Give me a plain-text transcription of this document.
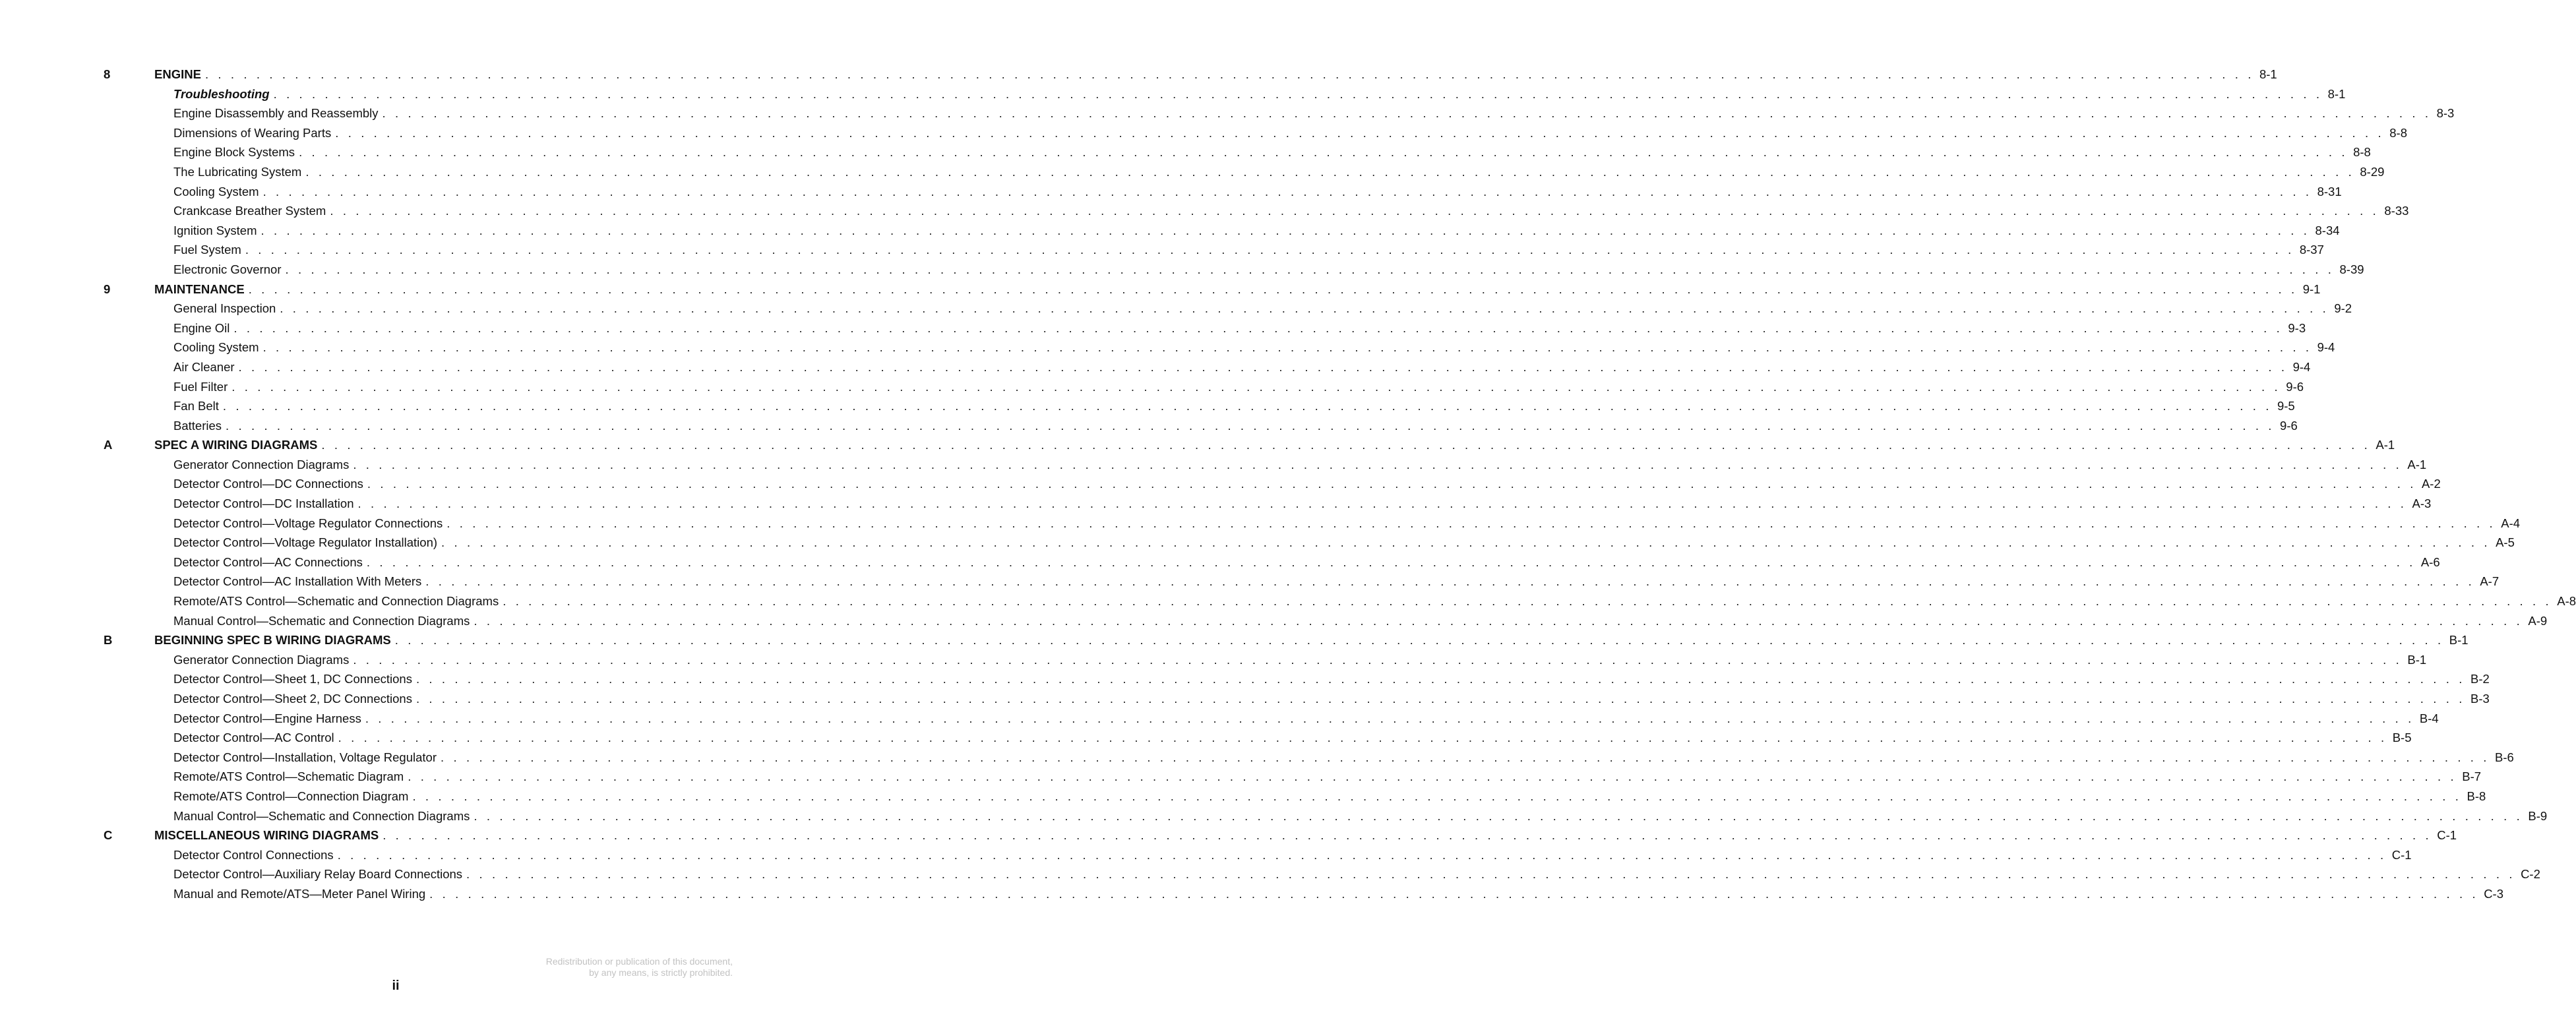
8	ENGINE . . . . . . . . . . . . . . . . . . . . . . . . . . . . . . . . . . . . . . . . . . . . . . . . . . . . . . . . . . . . . . . . . . . . . . . . . . . . . . . . . . . . . . . . . . . . . . . . . . . . . . . . . . . . . . . . . . . . . . . . . . . . . . . . . . . . . . . . . . . . . . . . . . . . . . . . . . . . . . . . 8-1
Troubleshooting . . . . . . . . . . . . . . . . . . . . . . . . . . . . . . . . . . . . . . . . . . . . . . . . . . . . . . . . . . . . . . . . . . . . . . . . . . . . . . . . . . . . . . . . . . . . . . . . . . . . . . . . . . . . . . . . . . . . . . . . . . . . . . . . . . . . . . . . . . . . . . . . . . . . . . . . . . . . . . . . 8-1
Engine Disassembly and Reassembly . . . . . . . . . . . . . . . . . . . . . . . . . . . . . . . . . . . . . . . . . . . . . . . . . . . . . . . . . . . . . . . . . . . . . . . . . . . . . . . . . . . . . . . . . . . . . . . . . . . . . . . . . . . . . . . . . . . . . . . . . . . . . . . . . . . . . . . . . . . . . . . . . . . . . . . . . . . . . . . . 8-3
Dimensions of Wearing Parts . . . . . . . . . . . . . . . . . . . . . . . . . . . . . . . . . . . . . . . . . . . . . . . . . . . . . . . . . . . . . . . . . . . . . . . . . . . . . . . . . . . . . . . . . . . . . . . . . . . . . . . . . . . . . . . . . . . . . . . . . . . . . . . . . . . . . . . . . . . . . . . . . . . . . . . . . . . . . . . . 8-8
Engine Block Systems . . . . . . . . . . . . . . . . . . . . . . . . . . . . . . . . . . . . . . . . . . . . . . . . . . . . . . . . . . . . . . . . . . . . . . . . . . . . . . . . . . . . . . . . . . . . . . . . . . . . . . . . . . . . . . . . . . . . . . . . . . . . . . . . . . . . . . . . . . . . . . . . . . . . . . . . . . . . . . . . 8-8
The Lubricating System . . . . . . . . . . . . . . . . . . . . . . . . . . . . . . . . . . . . . . . . . . . . . . . . . . . . . . . . . . . . . . . . . . . . . . . . . . . . . . . . . . . . . . . . . . . . . . . . . . . . . . . . . . . . . . . . . . . . . . . . . . . . . . . . . . . . . . . . . . . . . . . . . . . . . . . . . . . . . . . . 8-29
Cooling System . . . . . . . . . . . . . . . . . . . . . . . . . . . . . . . . . . . . . . . . . . . . . . . . . . . . . . . . . . . . . . . . . . . . . . . . . . . . . . . . . . . . . . . . . . . . . . . . . . . . . . . . . . . . . . . . . . . . . . . . . . . . . . . . . . . . . . . . . . . . . . . . . . . . . . . . . . . . . . . . 8-31
Crankcase Breather System . . . . . . . . . . . . . . . . . . . . . . . . . . . . . . . . . . . . . . . . . . . . . . . . . . . . . . . . . . . . . . . . . . . . . . . . . . . . . . . . . . . . . . . . . . . . . . . . . . . . . . . . . . . . . . . . . . . . . . . . . . . . . . . . . . . . . . . . . . . . . . . . . . . . . . . . . . . . . . . . 8-33
Ignition System . . . . . . . . . . . . . . . . . . . . . . . . . . . . . . . . . . . . . . . . . . . . . . . . . . . . . . . . . . . . . . . . . . . . . . . . . . . . . . . . . . . . . . . . . . . . . . . . . . . . . . . . . . . . . . . . . . . . . . . . . . . . . . . . . . . . . . . . . . . . . . . . . . . . . . . . . . . . . . . . 8-34
Fuel System . . . . . . . . . . . . . . . . . . . . . . . . . . . . . . . . . . . . . . . . . . . . . . . . . . . . . . . . . . . . . . . . . . . . . . . . . . . . . . . . . . . . . . . . . . . . . . . . . . . . . . . . . . . . . . . . . . . . . . . . . . . . . . . . . . . . . . . . . . . . . . . . . . . . . . . . . . . . . . . . 8-37
Electronic Governor . . . . . . . . . . . . . . . . . . . . . . . . . . . . . . . . . . . . . . . . . . . . . . . . . . . . . . . . . . . . . . . . . . . . . . . . . . . . . . . . . . . . . . . . . . . . . . . . . . . . . . . . . . . . . . . . . . . . . . . . . . . . . . . . . . . . . . . . . . . . . . . . . . . . . . . . . . . . . . . . 8-39
9	MAINTENANCE . . . . . . . . . . . . . . . . . . . . . . . . . . . . . . . . . . . . . . . . . . . . . . . . . . . . . . . . . . . . . . . . . . . . . . . . . . . . . . . . . . . . . . . . . . . . . . . . . . . . . . . . . . . . . . . . . . . . . . . . . . . . . . . . . . . . . . . . . . . . . . . . . . . . . . . . . . . . . . . . 9-1
General Inspection . . . . . . . . . . . . . . . . . . . . . . . . . . . . . . . . . . . . . . . . . . . . . . . . . . . . . . . . . . . . . . . . . . . . . . . . . . . . . . . . . . . . . . . . . . . . . . . . . . . . . . . . . . . . . . . . . . . . . . . . . . . . . . . . . . . . . . . . . . . . . . . . . . . . . . . . . . . . . . . . 9-2
Engine Oil . . . . . . . . . . . . . . . . . . . . . . . . . . . . . . . . . . . . . . . . . . . . . . . . . . . . . . . . . . . . . . . . . . . . . . . . . . . . . . . . . . . . . . . . . . . . . . . . . . . . . . . . . . . . . . . . . . . . . . . . . . . . . . . . . . . . . . . . . . . . . . . . . . . . . . . . . . . . . . . . 9-3
Cooling System . . . . . . . . . . . . . . . . . . . . . . . . . . . . . . . . . . . . . . . . . . . . . . . . . . . . . . . . . . . . . . . . . . . . . . . . . . . . . . . . . . . . . . . . . . . . . . . . . . . . . . . . . . . . . . . . . . . . . . . . . . . . . . . . . . . . . . . . . . . . . . . . . . . . . . . . . . . . . . . . 9-4
Air Cleaner . . . . . . . . . . . . . . . . . . . . . . . . . . . . . . . . . . . . . . . . . . . . . . . . . . . . . . . . . . . . . . . . . . . . . . . . . . . . . . . . . . . . . . . . . . . . . . . . . . . . . . . . . . . . . . . . . . . . . . . . . . . . . . . . . . . . . . . . . . . . . . . . . . . . . . . . . . . . . . . . 9-4
Fuel Filter . . . . . . . . . . . . . . . . . . . . . . . . . . . . . . . . . . . . . . . . . . . . . . . . . . . . . . . . . . . . . . . . . . . . . . . . . . . . . . . . . . . . . . . . . . . . . . . . . . . . . . . . . . . . . . . . . . . . . . . . . . . . . . . . . . . . . . . . . . . . . . . . . . . . . . . . . . . . . . . . 9-6
Fan Belt . . . . . . . . . . . . . . . . . . . . . . . . . . . . . . . . . . . . . . . . . . . . . . . . . . . . . . . . . . . . . . . . . . . . . . . . . . . . . . . . . . . . . . . . . . . . . . . . . . . . . . . . . . . . . . . . . . . . . . . . . . . . . . . . . . . . . . . . . . . . . . . . . . . . . . . . . . . . . . . . 9-5
Batteries . . . . . . . . . . . . . . . . . . . . . . . . . . . . . . . . . . . . . . . . . . . . . . . . . . . . . . . . . . . . . . . . . . . . . . . . . . . . . . . . . . . . . . . . . . . . . . . . . . . . . . . . . . . . . . . . . . . . . . . . . . . . . . . . . . . . . . . . . . . . . . . . . . . . . . . . . . . . . . . . 9-6
A	SPEC A WIRING DIAGRAMS . . . . . . . . . . . . . . . . . . . . . . . . . . . . . . . . . . . . . . . . . . . . . . . . . . . . . . . . . . . . . . . . . . . . . . . . . . . . . . . . . . . . . . . . . . . . . . . . . . . . . . . . . . . . . . . . . . . . . . . . . . . . . . . . . . . . . . . . . . . . . . . . . . . . . . . . . . . . . . . . A-1
Generator Connection Diagrams . . . . . . . . . . . . . . . . . . . . . . . . . . . . . . . . . . . . . . . . . . . . . . . . . . . . . . . . . . . . . . . . . . . . . . . . . . . . . . . . . . . . . . . . . . . . . . . . . . . . . . . . . . . . . . . . . . . . . . . . . . . . . . . . . . . . . . . . . . . . . . . . . . . . . . . . . . . . . . . . A-1
Detector Control—DC Connections . . . . . . . . . . . . . . . . . . . . . . . . . . . . . . . . . . . . . . . . . . . . . . . . . . . . . . . . . . . . . . . . . . . . . . . . . . . . . . . . . . . . . . . . . . . . . . . . . . . . . . . . . . . . . . . . . . . . . . . . . . . . . . . . . . . . . . . . . . . . . . . . . . . . . . . . . . . . . . . . A-2
Detector Control—DC Installation . . . . . . . . . . . . . . . . . . . . . . . . . . . . . . . . . . . . . . . . . . . . . . . . . . . . . . . . . . . . . . . . . . . . . . . . . . . . . . . . . . . . . . . . . . . . . . . . . . . . . . . . . . . . . . . . . . . . . . . . . . . . . . . . . . . . . . . . . . . . . . . . . . . . . . . . . . . . . . . . A-3
Detector Control—Voltage Regulator Connections . . . . . . . . . . . . . . . . . . . . . . . . . . . . . . . . . . . . . . . . . . . . . . . . . . . . . . . . . . . . . . . . . . . . . . . . . . . . . . . . . . . . . . . . . . . . . . . . . . . . . . . . . . . . . . . . . . . . . . . . . . . . . . . . . . . . . . . . . . . . . . . . . . . . . . . . . . . . . . . . A-4
Detector Control—Voltage Regulator Installation) . . . . . . . . . . . . . . . . . . . . . . . . . . . . . . . . . . . . . . . . . . . . . . . . . . . . . . . . . . . . . . . . . . . . . . . . . . . . . . . . . . . . . . . . . . . . . . . . . . . . . . . . . . . . . . . . . . . . . . . . . . . . . . . . . . . . . . . . . . . . . . . . . . . . . . . . . . . . . . . . A-5
Detector Control—AC Connections . . . . . . . . . . . . . . . . . . . . . . . . . . . . . . . . . . . . . . . . . . . . . . . . . . . . . . . . . . . . . . . . . . . . . . . . . . . . . . . . . . . . . . . . . . . . . . . . . . . . . . . . . . . . . . . . . . . . . . . . . . . . . . . . . . . . . . . . . . . . . . . . . . . . . . . . . . . . . . . . A-6
Detector Control—AC Installation With Meters . . . . . . . . . . . . . . . . . . . . . . . . . . . . . . . . . . . . . . . . . . . . . . . . . . . . . . . . . . . . . . . . . . . . . . . . . . . . . . . . . . . . . . . . . . . . . . . . . . . . . . . . . . . . . . . . . . . . . . . . . . . . . . . . . . . . . . . . . . . . . . . . . . . . . . . . . . . . . . . . A-7
Remote/ATS Control—Schematic and Connection Diagrams . . . . . . . . . . . . . . . . . . . . . . . . . . . . . . . . . . . . . . . . . . . . . . . . . . . . . . . . . . . . . . . . . . . . . . . . . . . . . . . . . . . . . . . . . . . . . . . . . . . . . . . . . . . . . . . . . . . . . . . . . . . . . . . . . . . . . . . . . . . . . . . . . . . . . . . . . . . . . . . . A-8
Manual Control—Schematic and Connection Diagrams . . . . . . . . . . . . . . . . . . . . . . . . . . . . . . . . . . . . . . . . . . . . . . . . . . . . . . . . . . . . . . . . . . . . . . . . . . . . . . . . . . . . . . . . . . . . . . . . . . . . . . . . . . . . . . . . . . . . . . . . . . . . . . . . . . . . . . . . . . . . . . . . . . . . . . . . . . . . . . . . A-9
B	BEGINNING SPEC B WIRING DIAGRAMS . . . . . . . . . . . . . . . . . . . . . . . . . . . . . . . . . . . . . . . . . . . . . . . . . . . . . . . . . . . . . . . . . . . . . . . . . . . . . . . . . . . . . . . . . . . . . . . . . . . . . . . . . . . . . . . . . . . . . . . . . . . . . . . . . . . . . . . . . . . . . . . . . . . . . . . . . . . . . . . . B-1
Generator Connection Diagrams . . . . . . . . . . . . . . . . . . . . . . . . . . . . . . . . . . . . . . . . . . . . . . . . . . . . . . . . . . . . . . . . . . . . . . . . . . . . . . . . . . . . . . . . . . . . . . . . . . . . . . . . . . . . . . . . . . . . . . . . . . . . . . . . . . . . . . . . . . . . . . . . . . . . . . . . . . . . . . . . B-1
Detector Control—Sheet 1, DC Connections . . . . . . . . . . . . . . . . . . . . . . . . . . . . . . . . . . . . . . . . . . . . . . . . . . . . . . . . . . . . . . . . . . . . . . . . . . . . . . . . . . . . . . . . . . . . . . . . . . . . . . . . . . . . . . . . . . . . . . . . . . . . . . . . . . . . . . . . . . . . . . . . . . . . . . . . . . . . . . . . B-2
Detector Control—Sheet 2, DC Connections . . . . . . . . . . . . . . . . . . . . . . . . . . . . . . . . . . . . . . . . . . . . . . . . . . . . . . . . . . . . . . . . . . . . . . . . . . . . . . . . . . . . . . . . . . . . . . . . . . . . . . . . . . . . . . . . . . . . . . . . . . . . . . . . . . . . . . . . . . . . . . . . . . . . . . . . . . . . . . . . B-3
Detector Control—Engine Harness . . . . . . . . . . . . . . . . . . . . . . . . . . . . . . . . . . . . . . . . . . . . . . . . . . . . . . . . . . . . . . . . . . . . . . . . . . . . . . . . . . . . . . . . . . . . . . . . . . . . . . . . . . . . . . . . . . . . . . . . . . . . . . . . . . . . . . . . . . . . . . . . . . . . . . . . . . . . . . . . B-4
Detector Control—AC Control . . . . . . . . . . . . . . . . . . . . . . . . . . . . . . . . . . . . . . . . . . . . . . . . . . . . . . . . . . . . . . . . . . . . . . . . . . . . . . . . . . . . . . . . . . . . . . . . . . . . . . . . . . . . . . . . . . . . . . . . . . . . . . . . . . . . . . . . . . . . . . . . . . . . . . . . . . . . . . . . B-5
Detector Control—Installation, Voltage Regulator . . . . . . . . . . . . . . . . . . . . . . . . . . . . . . . . . . . . . . . . . . . . . . . . . . . . . . . . . . . . . . . . . . . . . . . . . . . . . . . . . . . . . . . . . . . . . . . . . . . . . . . . . . . . . . . . . . . . . . . . . . . . . . . . . . . . . . . . . . . . . . . . . . . . . . . . . . . . . . . . B-6
Remote/ATS Control—Schematic Diagram . . . . . . . . . . . . . . . . . . . . . . . . . . . . . . . . . . . . . . . . . . . . . . . . . . . . . . . . . . . . . . . . . . . . . . . . . . . . . . . . . . . . . . . . . . . . . . . . . . . . . . . . . . . . . . . . . . . . . . . . . . . . . . . . . . . . . . . . . . . . . . . . . . . . . . . . . . . . . . . . B-7
Remote/ATS Control—Connection Diagram . . . . . . . . . . . . . . . . . . . . . . . . . . . . . . . . . . . . . . . . . . . . . . . . . . . . . . . . . . . . . . . . . . . . . . . . . . . . . . . . . . . . . . . . . . . . . . . . . . . . . . . . . . . . . . . . . . . . . . . . . . . . . . . . . . . . . . . . . . . . . . . . . . . . . . . . . . . . . . . . B-8
Manual Control—Schematic and Connection Diagrams . . . . . . . . . . . . . . . . . . . . . . . . . . . . . . . . . . . . . . . . . . . . . . . . . . . . . . . . . . . . . . . . . . . . . . . . . . . . . . . . . . . . . . . . . . . . . . . . . . . . . . . . . . . . . . . . . . . . . . . . . . . . . . . . . . . . . . . . . . . . . . . . . . . . . . . . . . . . . . . . B-9
C	MISCELLANEOUS WIRING DIAGRAMS . . . . . . . . . . . . . . . . . . . . . . . . . . . . . . . . . . . . . . . . . . . . . . . . . . . . . . . . . . . . . . . . . . . . . . . . . . . . . . . . . . . . . . . . . . . . . . . . . . . . . . . . . . . . . . . . . . . . . . . . . . . . . . . . . . . . . . . . . . . . . . . . . . . . . . . . . . . . . . . . C-1
Detector Control Connections . . . . . . . . . . . . . . . . . . . . . . . . . . . . . . . . . . . . . . . . . . . . . . . . . . . . . . . . . . . . . . . . . . . . . . . . . . . . . . . . . . . . . . . . . . . . . . . . . . . . . . . . . . . . . . . . . . . . . . . . . . . . . . . . . . . . . . . . . . . . . . . . . . . . . . . . . . . . . . . . C-1
Detector Control—Auxiliary Relay Board Connections . . . . . . . . . . . . . . . . . . . . . . . . . . . . . . . . . . . . . . . . . . . . . . . . . . . . . . . . . . . . . . . . . . . . . . . . . . . . . . . . . . . . . . . . . . . . . . . . . . . . . . . . . . . . . . . . . . . . . . . . . . . . . . . . . . . . . . . . . . . . . . . . . . . . . . . . . . . . . . . . C-2
Manual and Remote/ATS—Meter Panel Wiring . . . . . . . . . . . . . . . . . . . . . . . . . . . . . . . . . . . . . . . . . . . . . . . . . . . . . . . . . . . . . . . . . . . . . . . . . . . . . . . . . . . . . . . . . . . . . . . . . . . . . . . . . . . . . . . . . . . . . . . . . . . . . . . . . . . . . . . . . . . . . . . . . . . . . . . . . . . . . . . . C-3
Redistribution or publication of this document,
by any means, is strictly prohibited.
ii
